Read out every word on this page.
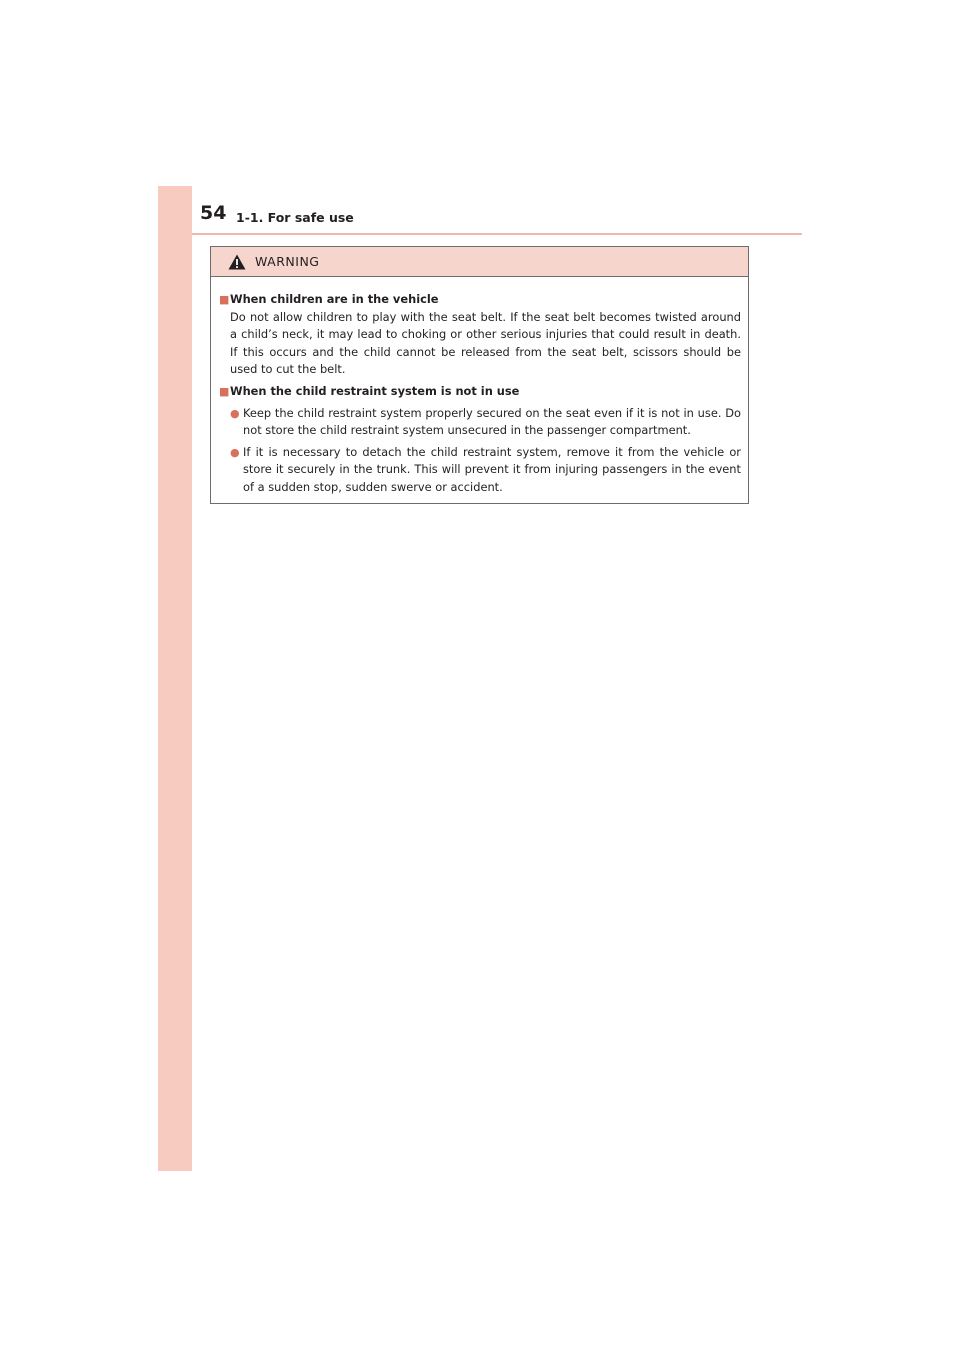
54 1-1. For safe use
WARNING
■ When children are in the vehicle
Do not allow children to play with the seat belt. If the seat belt becomes twisted around a child’s neck, it may lead to choking or other serious injuries that could result in death. If this occurs and the child cannot be released from the seat belt, scissors should be used to cut the belt.
■ When the child restraint system is not in use
● Keep the child restraint system properly secured on the seat even if it is not in use. Do not store the child restraint system unsecured in the passenger compartment.
● If it is necessary to detach the child restraint system, remove it from the vehicle or store it securely in the trunk. This will prevent it from injuring passengers in the event of a sudden stop, sudden swerve or accident.
